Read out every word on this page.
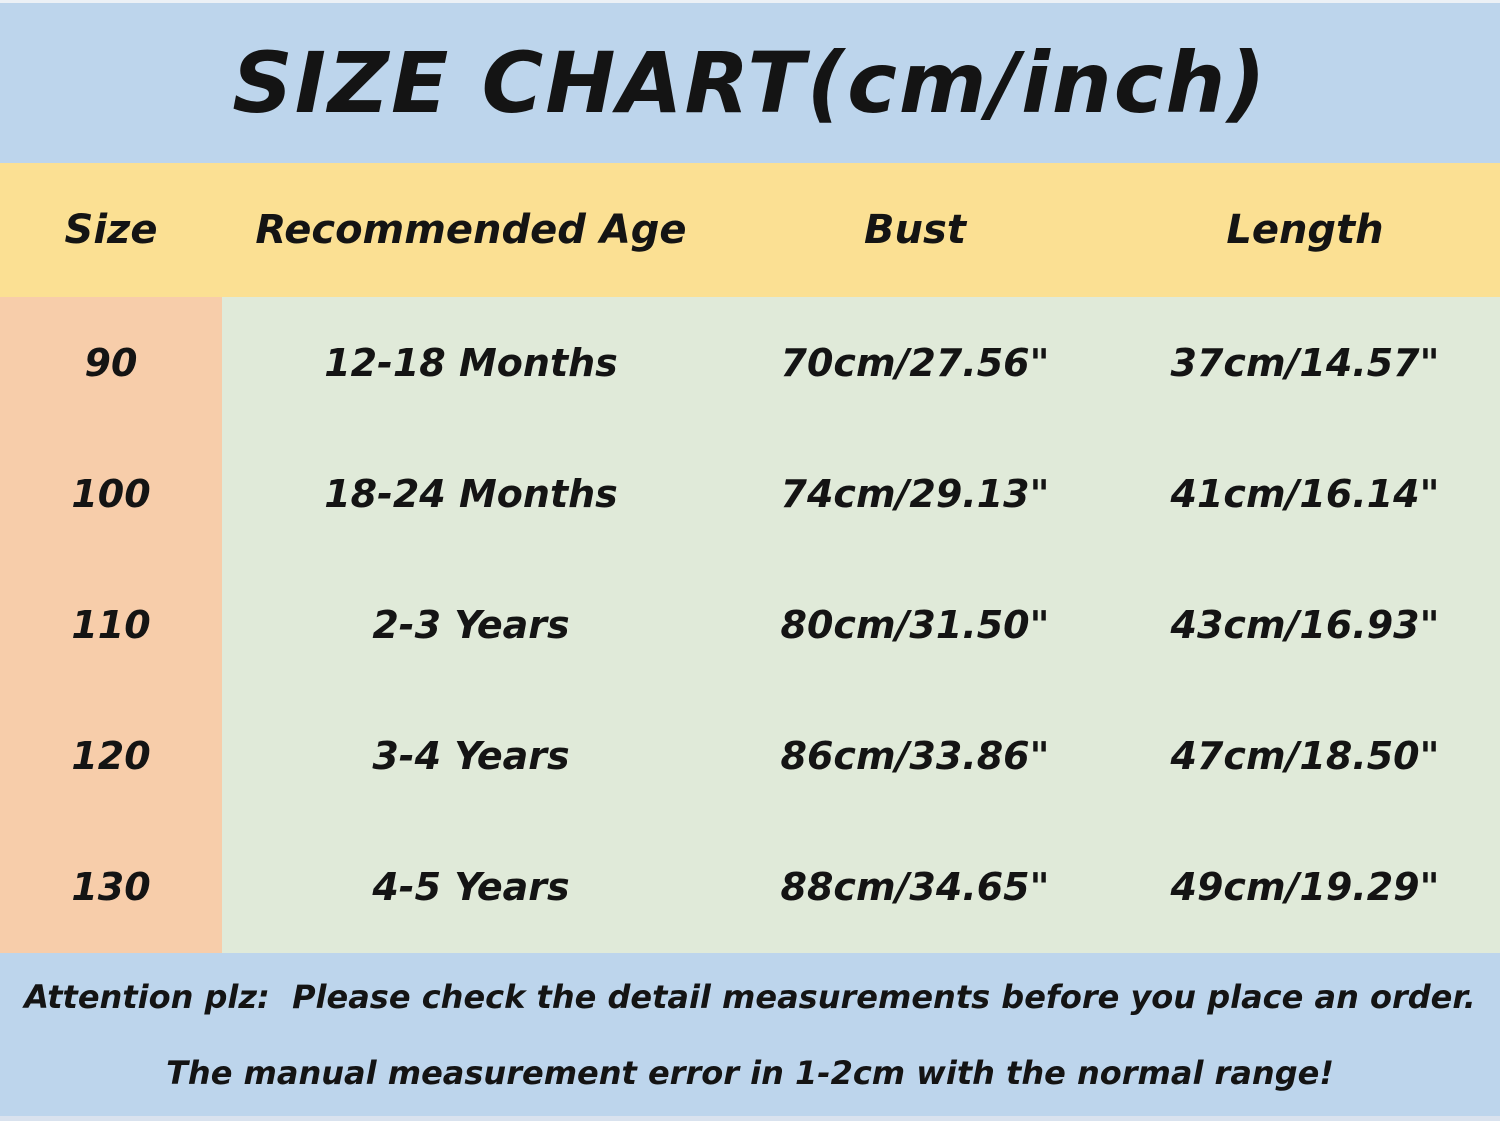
SIZE CHART(cm/inch)
Size	Recommended Age	Bust	Length
90	12-18 Months	70cm/27.56"	37cm/14.57"
100	18-24 Months	74cm/29.13"	41cm/16.14"
110	2-3 Years	80cm/31.50"	43cm/16.93"
120	3-4 Years	86cm/33.86"	47cm/18.50"
130	4-5 Years	88cm/34.65"	49cm/19.29"

Attention plz:  Please check the detail measurements before you place an order.

The manual measurement error in 1-2cm with the normal range!
